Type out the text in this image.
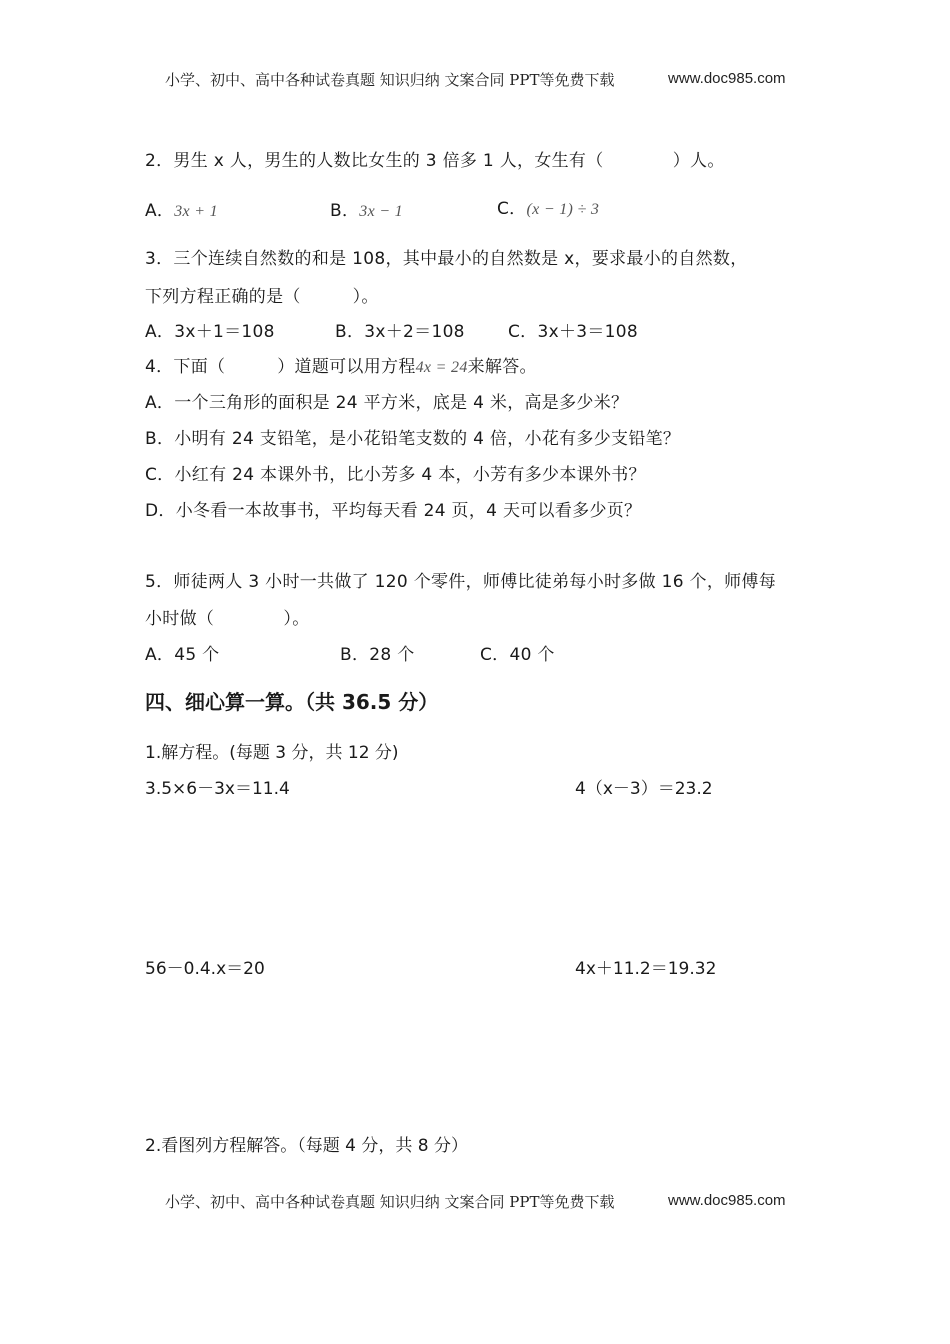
小学、初中、高中各种试卷真题 知识归纳 文案合同 PPT等免费下载	www.doc985.com
2．男生 x 人，男生的人数比女生的 3 倍多 1 人，女生有（　　　　）人。
A．3x + 1	B．3x − 1	C．(x − 1) ÷ 3
3．三个连续自然数的和是 108，其中最小的自然数是 x，要求最小的自然数，
下列方程正确的是（　　　）。
A．3x＋1＝108	B．3x＋2＝108	C．3x＋3＝108
4．下面（　　　）道题可以用方程4x = 24来解答。
A．一个三角形的面积是 24 平方米，底是 4 米，高是多少米？
B．小明有 24 支铅笔，是小花铅笔支数的 4 倍，小花有多少支铅笔？
C．小红有 24 本课外书，比小芳多 4 本，小芳有多少本课外书？
D．小冬看一本故事书，平均每天看 24 页，4 天可以看多少页？
5．师徒两人 3 小时一共做了 120 个零件，师傅比徒弟每小时多做 16 个，师傅每
小时做（　　　　）。
A．45 个	B．28 个	C．40 个
四、细心算一算。（共 36.5 分）
1.解方程。(每题 3 分，共 12 分)
3.5×6－3x＝11.4	4（x－3）＝23.2
56－0.4.x＝20	4x＋11.2＝19.32
2.看图列方程解答。（每题 4 分，共 8 分）
小学、初中、高中各种试卷真题 知识归纳 文案合同 PPT等免费下载	www.doc985.com
